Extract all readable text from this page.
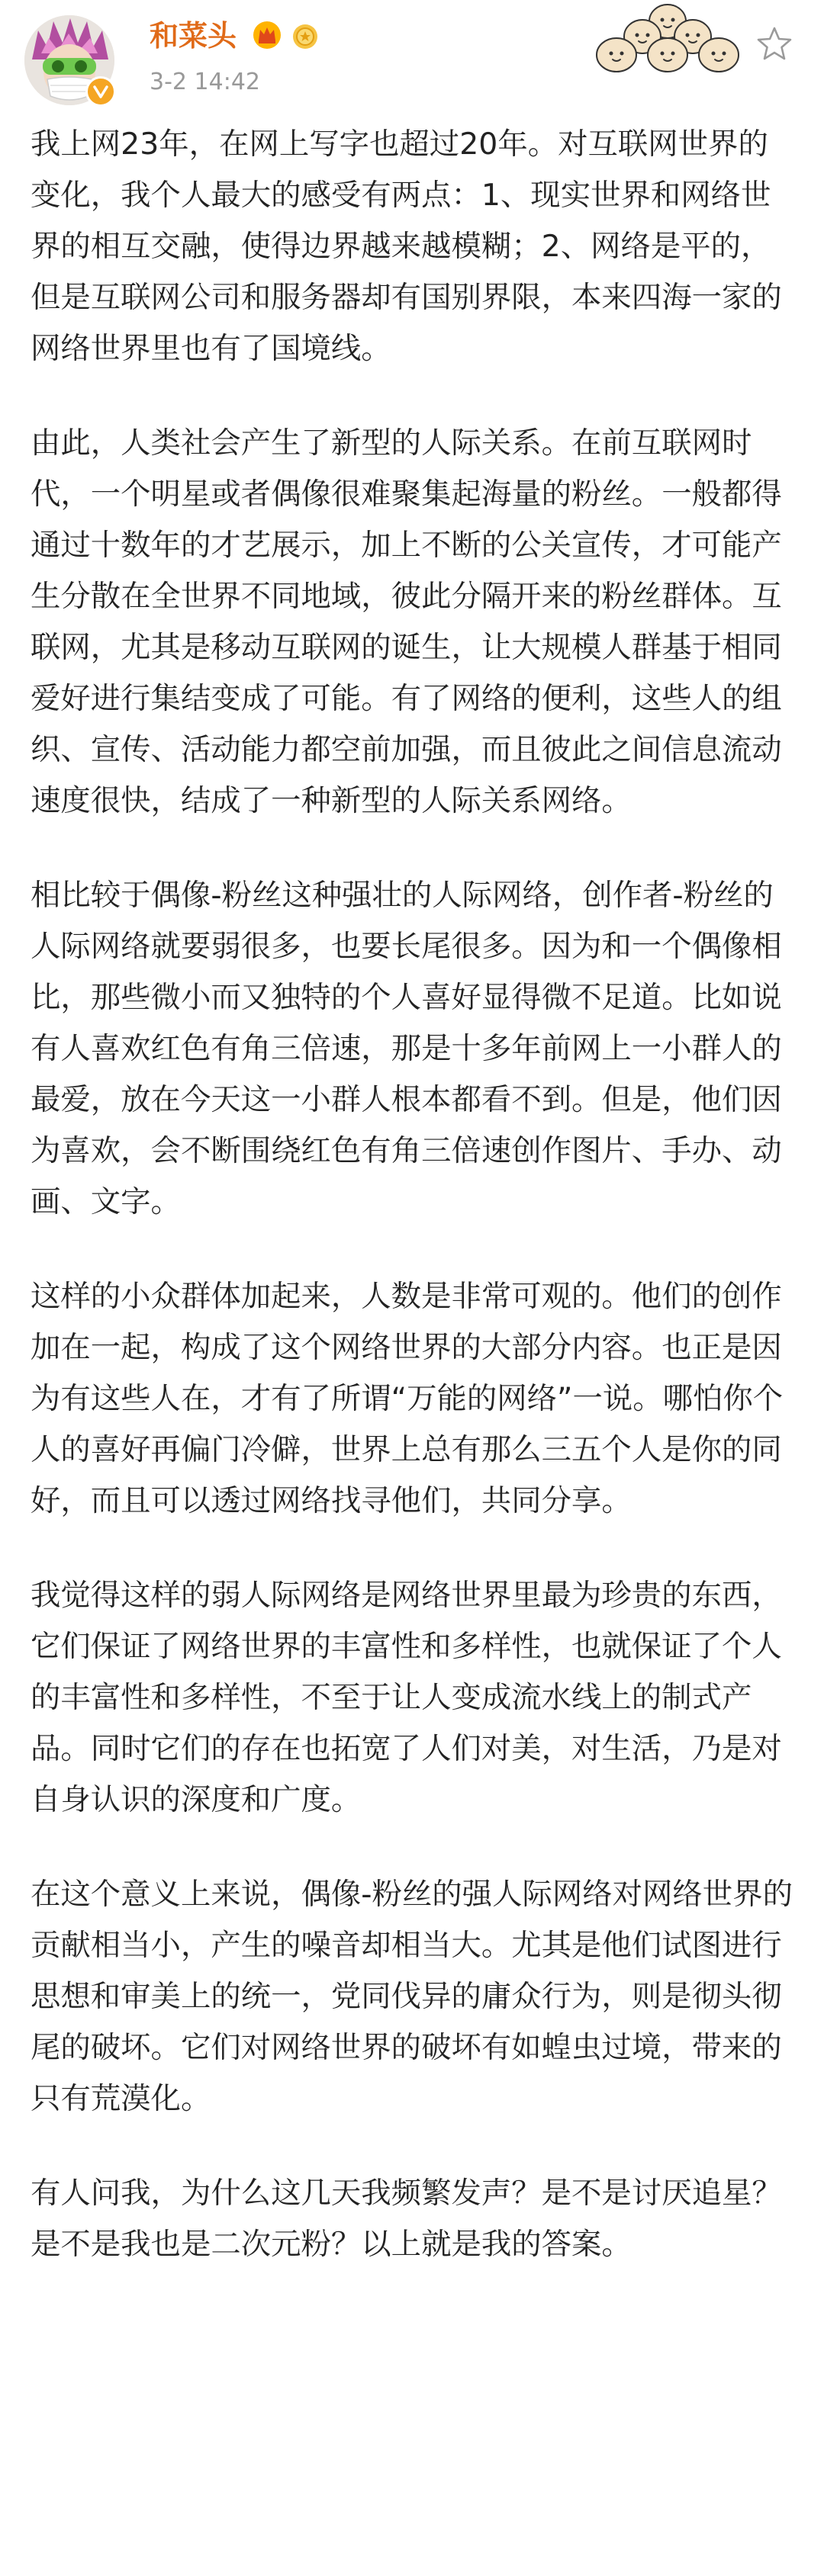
和菜头
3-2 14:42

我上网23年，在网上写字也超过20年。对互联网世界的变化，我个人最大的感受有两点：1、现实世界和网络世界的相互交融，使得边界越来越模糊；2、网络是平的，但是互联网公司和服务器却有国别界限，本来四海一家的网络世界里也有了国境线。

由此，人类社会产生了新型的人际关系。在前互联网时代，一个明星或者偶像很难聚集起海量的粉丝。一般都得通过十数年的才艺展示，加上不断的公关宣传，才可能产生分散在全世界不同地域，彼此分隔开来的粉丝群体。互联网，尤其是移动互联网的诞生，让大规模人群基于相同爱好进行集结变成了可能。有了网络的便利，这些人的组织、宣传、活动能力都空前加强，而且彼此之间信息流动速度很快，结成了一种新型的人际关系网络。

相比较于偶像-粉丝这种强壮的人际网络，创作者-粉丝的人际网络就要弱很多，也要长尾很多。因为和一个偶像相比，那些微小而又独特的个人喜好显得微不足道。比如说有人喜欢红色有角三倍速，那是十多年前网上一小群人的最爱，放在今天这一小群人根本都看不到。但是，他们因为喜欢，会不断围绕红色有角三倍速创作图片、手办、动画、文字。

这样的小众群体加起来，人数是非常可观的。他们的创作加在一起，构成了这个网络世界的大部分内容。也正是因为有这些人在，才有了所谓“万能的网络”一说。哪怕你个人的喜好再偏门冷僻，世界上总有那么三五个人是你的同好，而且可以透过网络找寻他们，共同分享。

我觉得这样的弱人际网络是网络世界里最为珍贵的东西，它们保证了网络世界的丰富性和多样性，也就保证了个人的丰富性和多样性，不至于让人变成流水线上的制式产品。同时它们的存在也拓宽了人们对美，对生活，乃是对自身认识的深度和广度。

在这个意义上来说，偶像-粉丝的强人际网络对网络世界的贡献相当小，产生的噪音却相当大。尤其是他们试图进行思想和审美上的统一，党同伐异的庸众行为，则是彻头彻尾的破坏。它们对网络世界的破坏有如蝗虫过境，带来的只有荒漠化。

有人问我，为什么这几天我频繁发声？是不是讨厌追星？是不是我也是二次元粉？以上就是我的答案。
